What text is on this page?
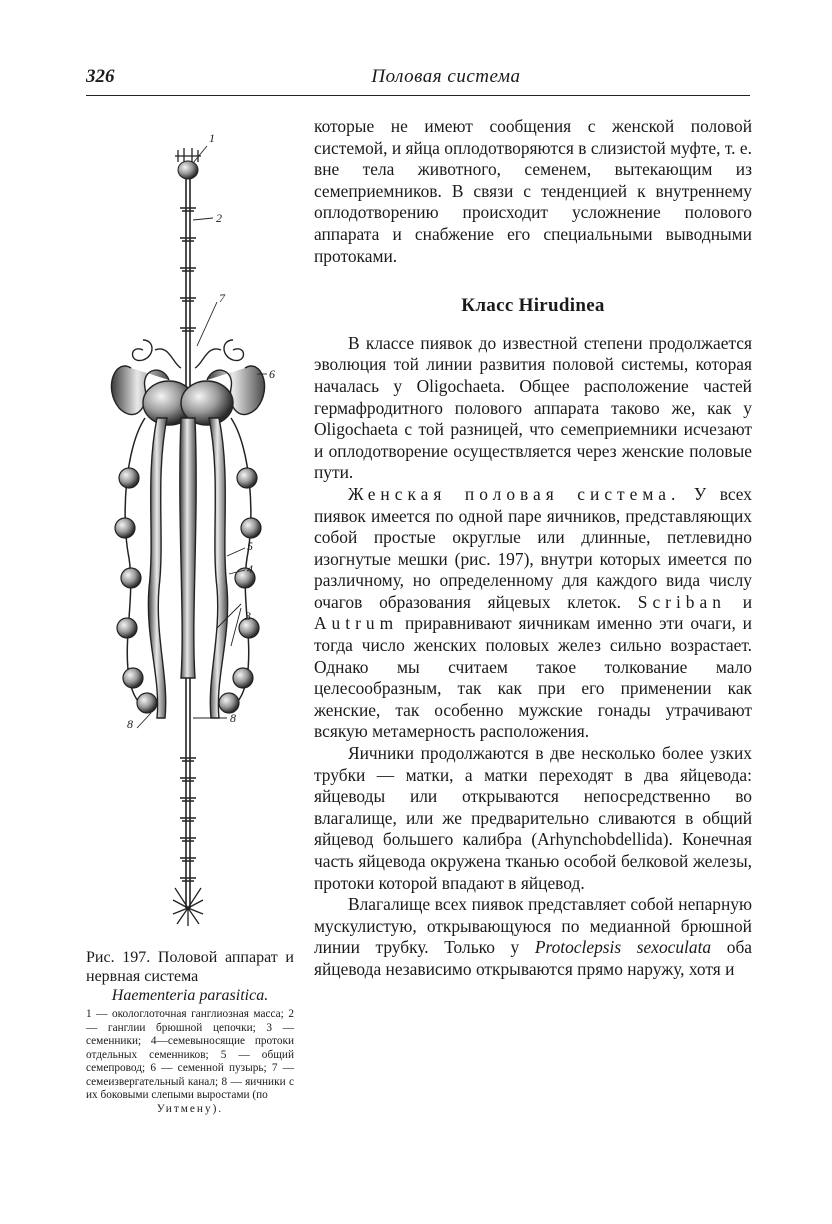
326	Половая система
1
2
7
6
5
4
3
8	8
Рис. 197. Половой аппарат и нервная система
Haementeria parasitica.
1 — окологлоточная ганглиозная масса; 2 — ганглии брюшной цепочки; 3 — семенники; 4—семевыносящие протоки отдельных семенников; 5 — общий семепровод; 6 — семенной пузырь; 7 — семеизвергательный канал; 8 — яичники с их боковыми слепыми выростами (по
Уитмену).

которые не имеют сообщения с женской половой системой, и яйца оплодотворяются в слизистой муфте, т. е. вне тела животного, семенем, вытекающим из семеприемников. В связи с тенденцией к внутреннему оплодотворению происходит усложнение полового аппарата и снабжение его специальными выводными протоками.

Класс Hirudinea

В классе пиявок до известной степени продолжается эволюция той линии развития половой системы, которая началась у Oligochaeta. Общее расположение частей гермафродитного полового аппарата таково же, как у Oligochaeta с той разницей, что семеприемники исчезают и оплодотворение осуществляется через женские половые пути.

Женская половая система. У всех пиявок имеется по одной паре яичников, представляющих собой простые округлые или длинные, петлевидно изогнутые мешки (рис. 197), внутри которых имеется по различному, но определенному для каждого вида числу очагов образования яйцевых клеток. Scriban и Autrum приравнивают яичникам именно эти очаги, и тогда число женских половых желез сильно возрастает. Однако мы считаем такое толкование мало целесообразным, так как при его применении как женские, так особенно мужские гонады утрачивают всякую метамерность расположения.

Яичники продолжаются в две несколько более узких трубки — матки, а матки переходят в два яйцевода: яйцеводы или открываются непосредственно во влагалище, или же предварительно сливаются в общий яйцевод большего калибра (Arhynchobdellida). Конечная часть яйцевода окружена тканью особой белковой железы, протоки которой впадают в яйцевод.

Влагалище всех пиявок представляет собой непарную мускулистую, открывающуюся по медианной брюшной линии трубку. Только у Protoclepsis sexoculata оба яйцевода независимо открываются прямо наружу, хотя и
